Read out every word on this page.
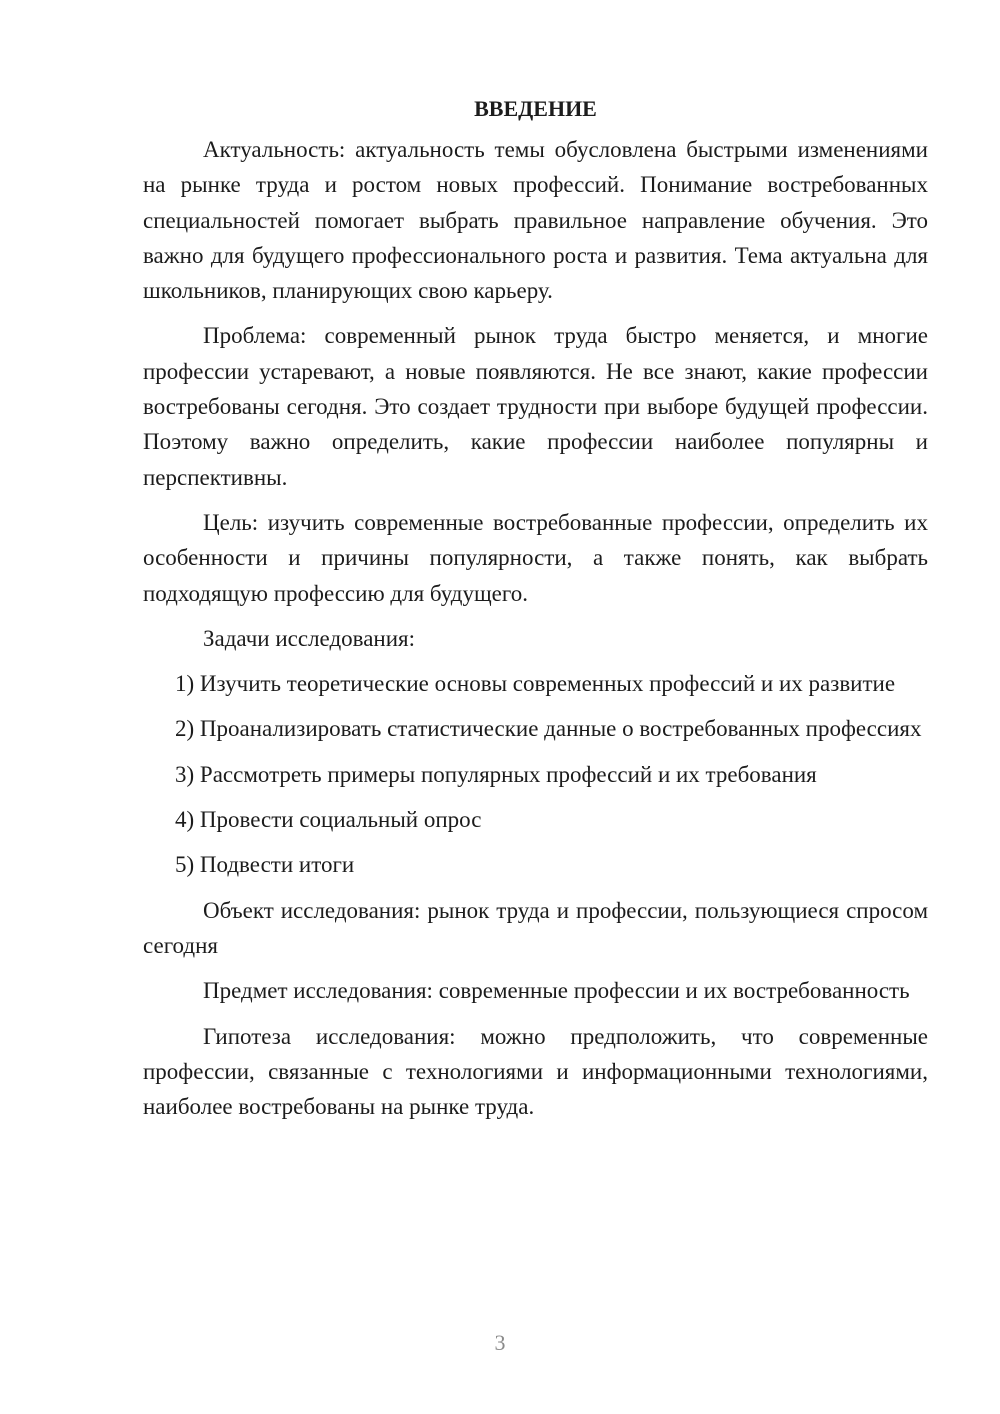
ВВЕДЕНИЕ

Актуальность: актуальность темы обусловлена быстрыми изменениями на рынке труда и ростом новых профессий. Понимание востребованных специальностей помогает выбрать правильное направление обучения. Это важно для будущего профессионального роста и развития. Тема актуальна для школьников, планирующих свою карьеру.

Проблема: современный рынок труда быстро меняется, и многие профессии устаревают, а новые появляются. Не все знают, какие профессии востребованы сегодня. Это создает трудности при выборе будущей профессии. Поэтому важно определить, какие профессии наиболее популярны и перспективны.

Цель: изучить современные востребованные профессии, определить их особенности и причины популярности, а также понять, как выбрать подходящую профессию для будущего.

Задачи исследования:

1) Изучить теоретические основы современных профессий и их развитие

2) Проанализировать статистические данные о востребованных профессиях

3) Рассмотреть примеры популярных профессий и их требования

4) Провести социальный опрос

5) Подвести итоги

Объект исследования: рынок труда и профессии, пользующиеся спросом сегодня

Предмет исследования: современные профессии и их востребованность

Гипотеза исследования: можно предположить, что современные профессии, связанные с технологиями и информационными технологиями, наиболее востребованы на рынке труда.

3
